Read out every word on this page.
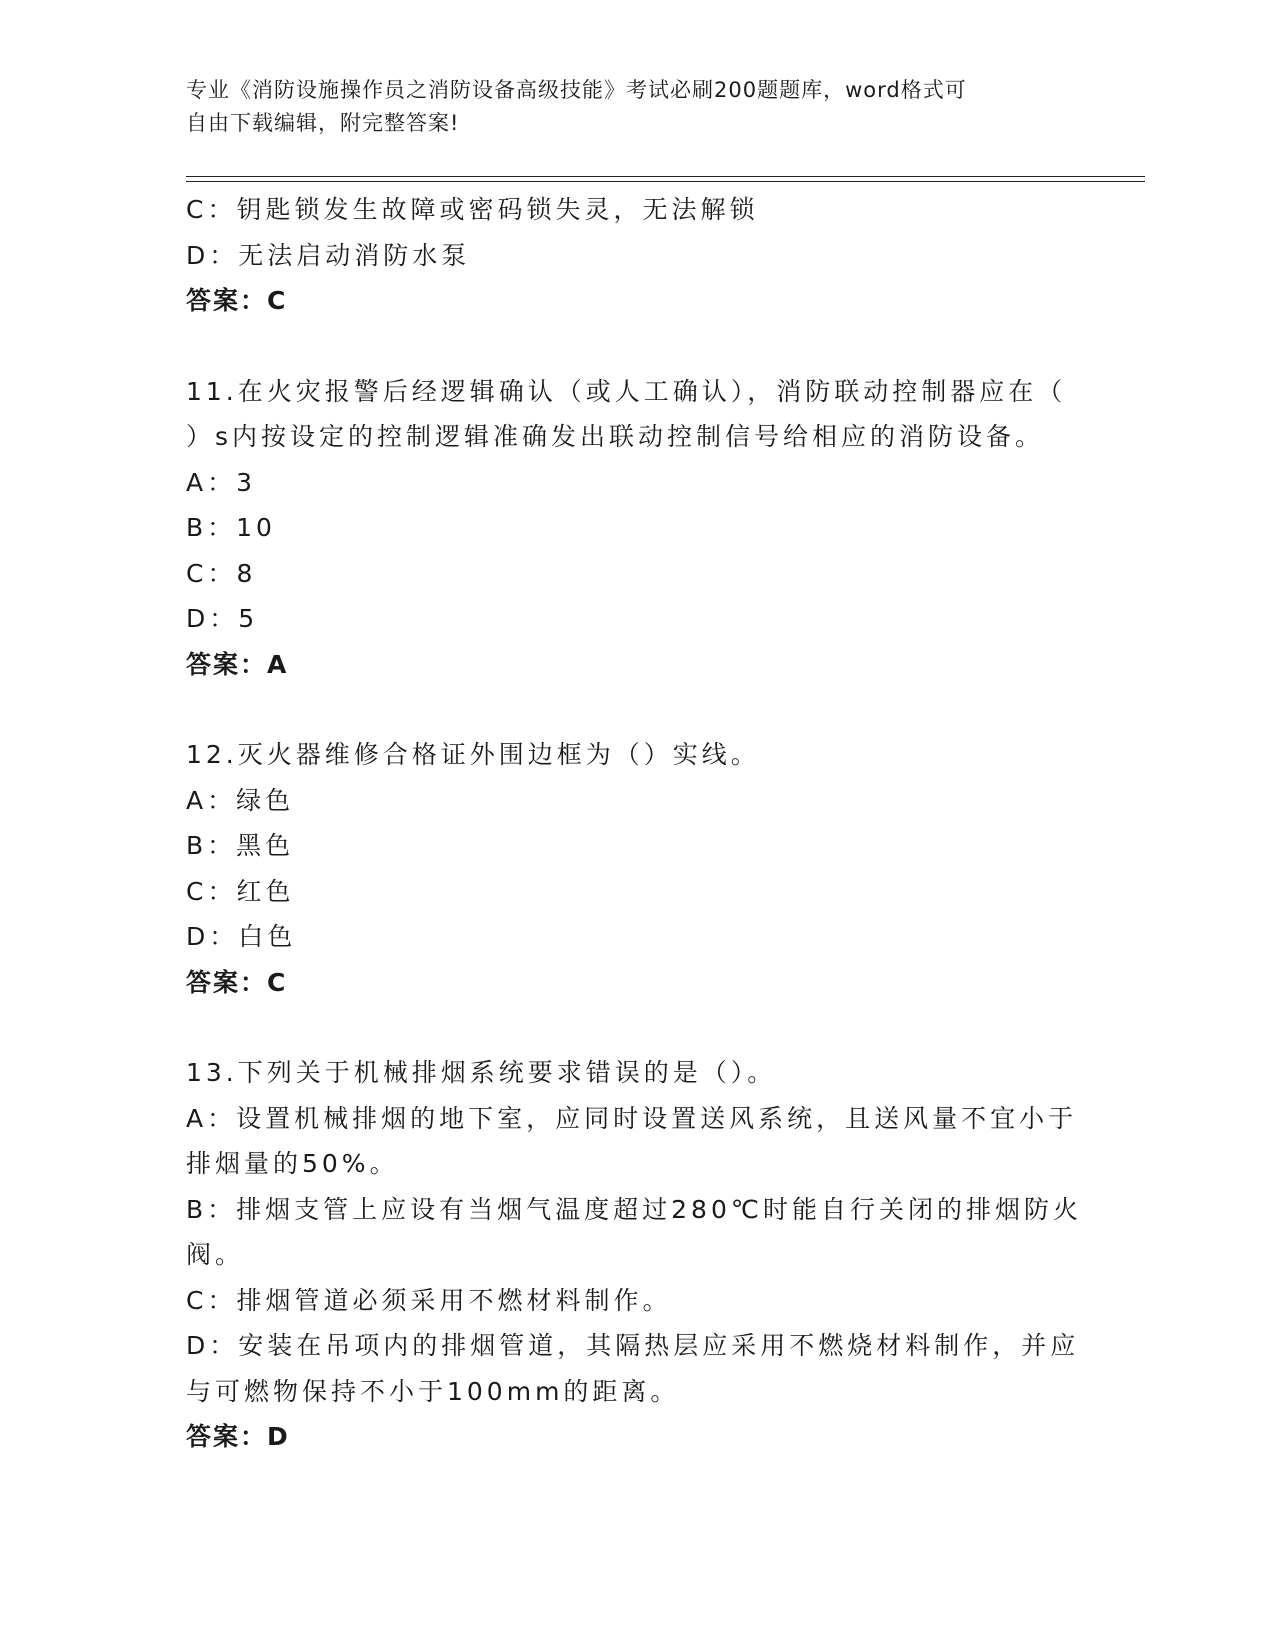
专业《消防设施操作员之消防设备高级技能》考试必刷200题题库，word格式可
自由下载编辑，附完整答案!
C：钥匙锁发生故障或密码锁失灵，无法解锁
D：无法启动消防水泵
答案：C
11.在火灾报警后经逻辑确认（或人工确认），消防联动控制器应在（
）s内按设定的控制逻辑准确发出联动控制信号给相应的消防设备。
A：3
B：10
C：8
D：5
答案：A
12.灭火器维修合格证外围边框为（）实线。
A：绿色
B：黑色
C：红色
D：白色
答案：C
13.下列关于机械排烟系统要求错误的是（）。
A：设置机械排烟的地下室，应同时设置送风系统，且送风量不宜小于
排烟量的50%。
B：排烟支管上应设有当烟气温度超过280℃时能自行关闭的排烟防火
阀。
C：排烟管道必须采用不燃材料制作。
D：安装在吊项内的排烟管道，其隔热层应采用不燃烧材料制作，并应
与可燃物保持不小于100mm的距离。
答案：D
